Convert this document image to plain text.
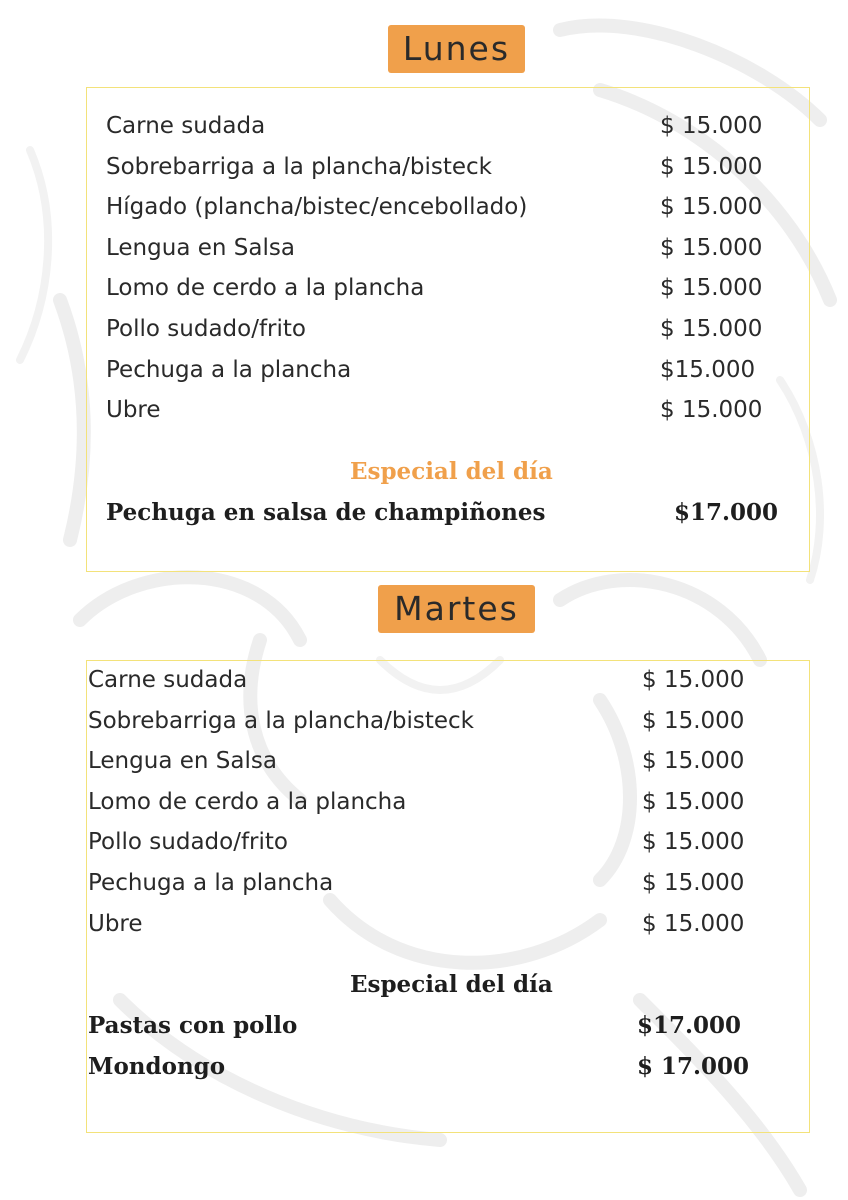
Lunes
Carne sudada	$ 15.000
Sobrebarriga a la plancha/bisteck	$ 15.000
Hígado (plancha/bistec/encebollado)	$ 15.000
Lengua en Salsa	$ 15.000
Lomo de cerdo a la plancha	$ 15.000
Pollo sudado/frito	$ 15.000
Pechuga a la plancha	$15.000
Ubre	$ 15.000
Especial del día
Pechuga en salsa de champiñones	$17.000
Martes
Carne sudada	$ 15.000
Sobrebarriga a la plancha/bisteck	$ 15.000
Lengua en Salsa	$ 15.000
Lomo de cerdo a la plancha	$ 15.000
Pollo sudado/frito	$ 15.000
Pechuga a la plancha	$ 15.000
Ubre	$ 15.000
Especial del día
Pastas con pollo	$17.000
Mondongo	$ 17.000
